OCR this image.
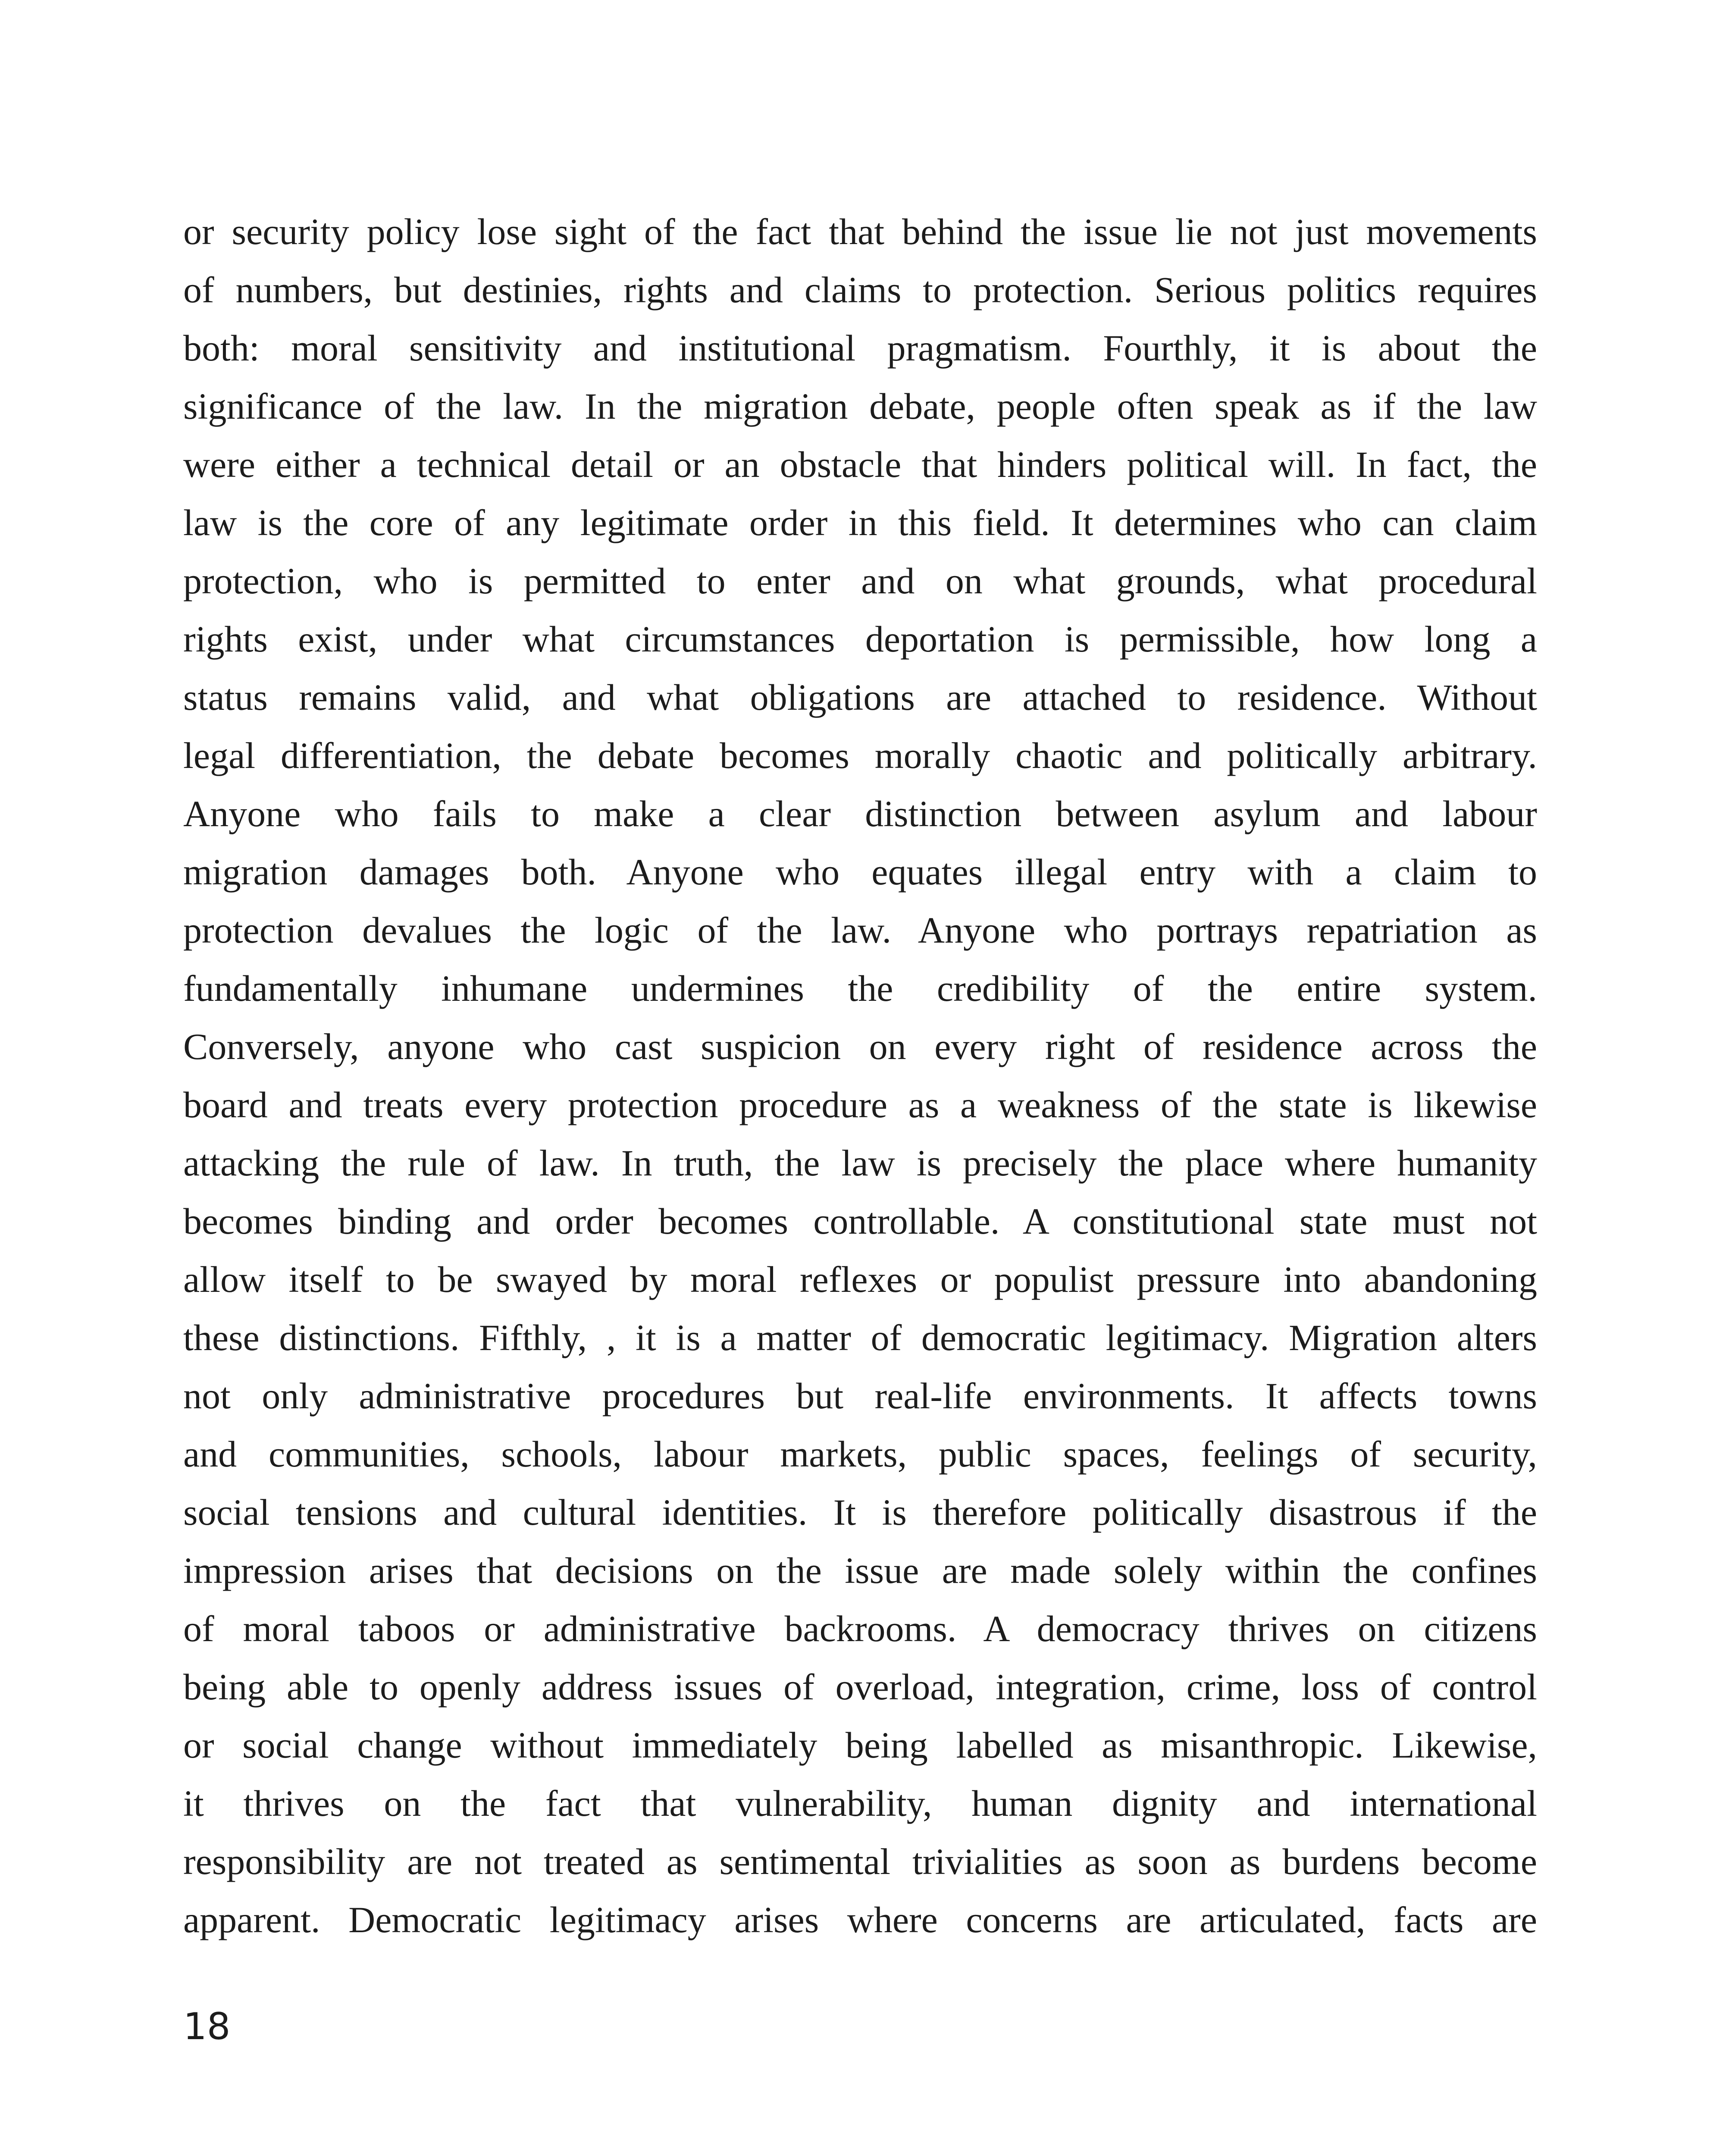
or security policy lose sight of the fact that behind the issue lie not just movements
of numbers, but destinies, rights and claims to protection. Serious politics requires
both: moral sensitivity and institutional pragmatism. Fourthly, it is about the
significance of the law. In the migration debate, people often speak as if the law
were either a technical detail or an obstacle that hinders political will. In fact, the
law is the core of any legitimate order in this field. It determines who can claim
protection, who is permitted to enter and on what grounds, what procedural
rights exist, under what circumstances deportation is permissible, how long a
status remains valid, and what obligations are attached to residence. Without
legal differentiation, the debate becomes morally chaotic and politically arbitrary.
Anyone who fails to make a clear distinction between asylum and labour
migration damages both. Anyone who equates illegal entry with a claim to
protection devalues the logic of the law. Anyone who portrays repatriation as
fundamentally inhumane undermines the credibility of the entire system.
Conversely, anyone who cast suspicion on every right of residence across the
board and treats every protection procedure as a weakness of the state is likewise
attacking the rule of law. In truth, the law is precisely the place where humanity
becomes binding and order becomes controllable. A constitutional state must not
allow itself to be swayed by moral reflexes or populist pressure into abandoning
these distinctions. Fifthly, , it is a matter of democratic legitimacy. Migration alters
not only administrative procedures but real-life environments. It affects towns
and communities, schools, labour markets, public spaces, feelings of security,
social tensions and cultural identities. It is therefore politically disastrous if the
impression arises that decisions on the issue are made solely within the confines
of moral taboos or administrative backrooms. A democracy thrives on citizens
being able to openly address issues of overload, integration, crime, loss of control
or social change without immediately being labelled as misanthropic. Likewise,
it thrives on the fact that vulnerability, human dignity and international
responsibility are not treated as sentimental trivialities as soon as burdens become
apparent. Democratic legitimacy arises where concerns are articulated, facts are
18
